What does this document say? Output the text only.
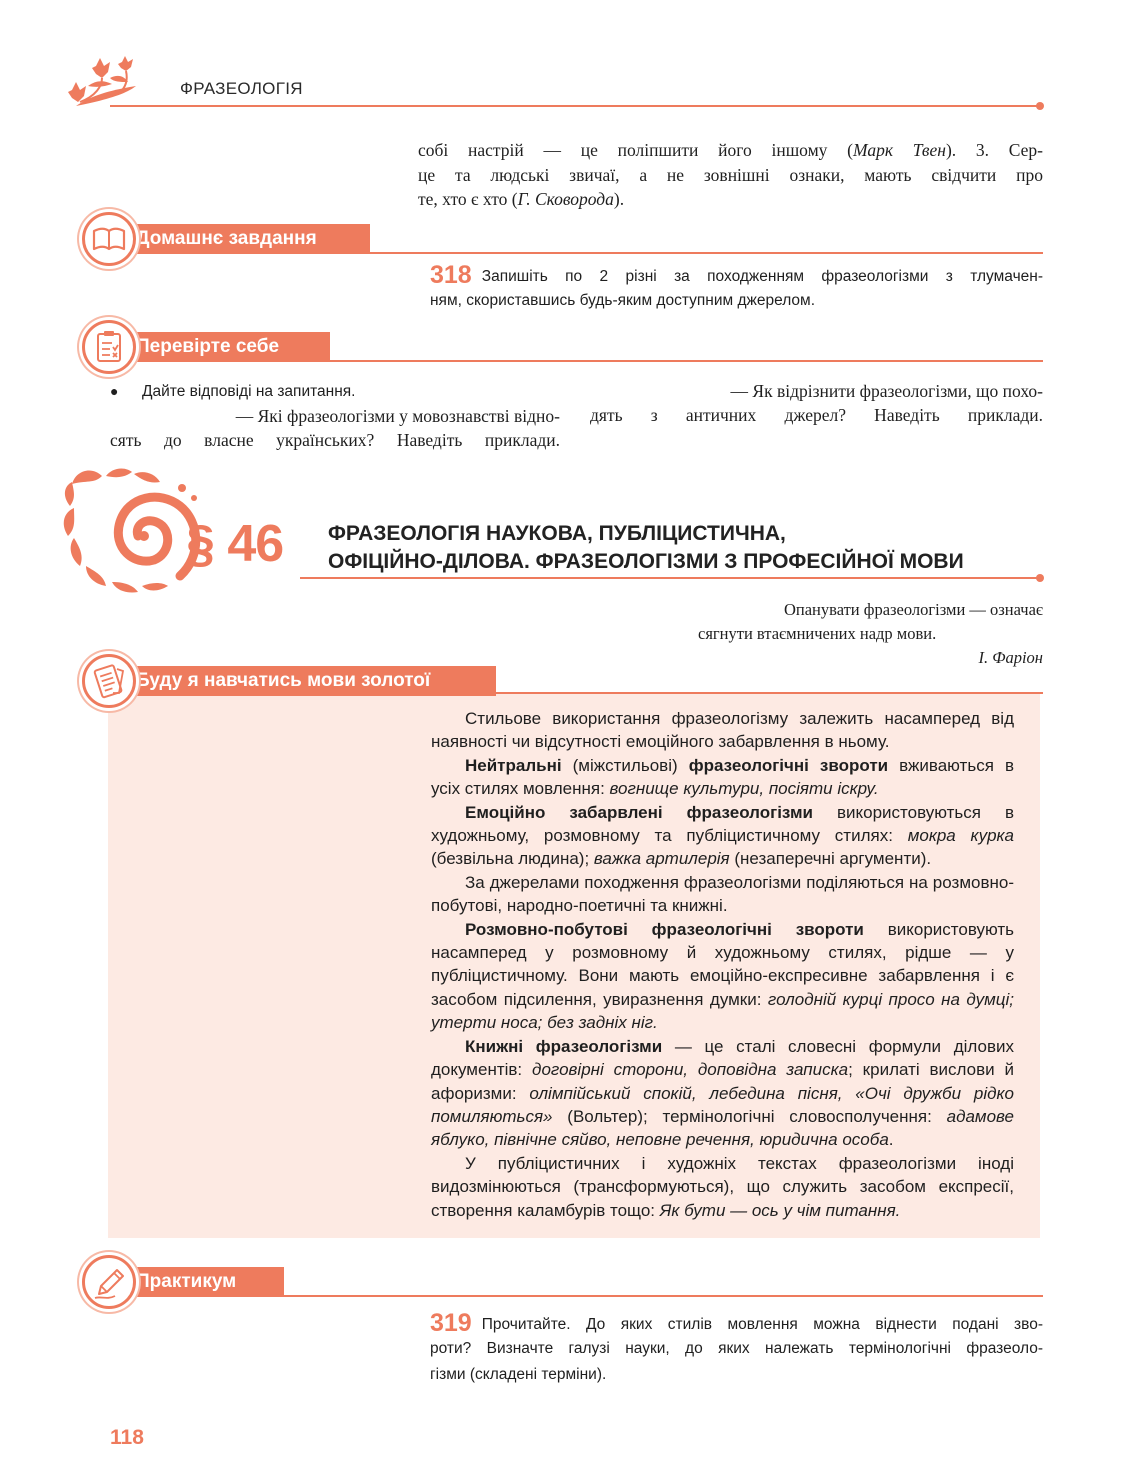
ФРАЗЕОЛОГІЯ
собі настрій — це поліпшити його іншому (Марк Твен). 3. Сер-
це та людські звичаї, а не зовнішні ознаки, мають свідчити про
те, хто є хто (Г. Сковорода).
Домашнє завдання
318 Запишіть по 2 різні за походженням фразеологізми з тлумачен-
ням, скориставшись будь-яким доступним джерелом.
Перевірте себе
● Дайте відповіді на запитання.
— Які фразеологізми у мовознавстві відно-
сять до власне українських? Наведіть приклади.
— Як відрізнити фразеологізми, що похо-
дять з античних джерел? Наведіть приклади.
§ 46 ФРАЗЕОЛОГІЯ НАУКОВА, ПУБЛІЦИСТИЧНА,
ОФІЦІЙНО-ДІЛОВА. ФРАЗЕОЛОГІЗМИ З ПРОФЕСІЙНОЇ МОВИ
Опанувати фразеологізми — означає
сягнути втаємничених надр мови.
І. Фаріон
Буду я навчатись мови золотої

Стильове використання фразеологізму залежить насамперед від наявності чи відсутності емоційного забарвлення в ньому.

Нейтральні (міжстильові) фразеологічні звороти вживаються в усіх стилях мовлення: вогнище культури, посіяти іскру.

Емоційно забарвлені фразеологізми використовуються в художньому, розмовному та публіцистичному стилях: мокра курка (безвільна людина); важка артилерія (незаперечні аргументи).

За джерелами походження фразеологізми поділяються на розмовно-побутові, народно-поетичні та книжні.

Розмовно-побутові фразеологічні звороти використовують насамперед у розмовному й художньому стилях, рідше — у публіцистичному. Вони мають емоційно-експресивне забарвлення і є засобом підсилення, увиразнення думки: голодній курці просо на думці; утерти носа; без задніх ніг.

Книжні фразеологізми — це сталі словесні формули ділових документів: договірні сторони, доповідна записка; крилаті вислови й афоризми: олімпійський спокій, лебедина пісня, «Очі дружби рідко помиляються» (Вольтер); термінологічні словосполучення: адамове яблуко, північне сяйво, неповне речення, юридична особа.

У публіцистичних і художніх текстах фразеологізми іноді видозмінюються (трансформуються), що служить засобом експресії, створення каламбурів тощо: Як бути — ось у чім питання.

Практикум
319 Прочитайте. До яких стилів мовлення можна віднести подані зво-
роти? Визначте галузі науки, до яких належать термінологічні фразеоло-
гізми (складені терміни).
118
